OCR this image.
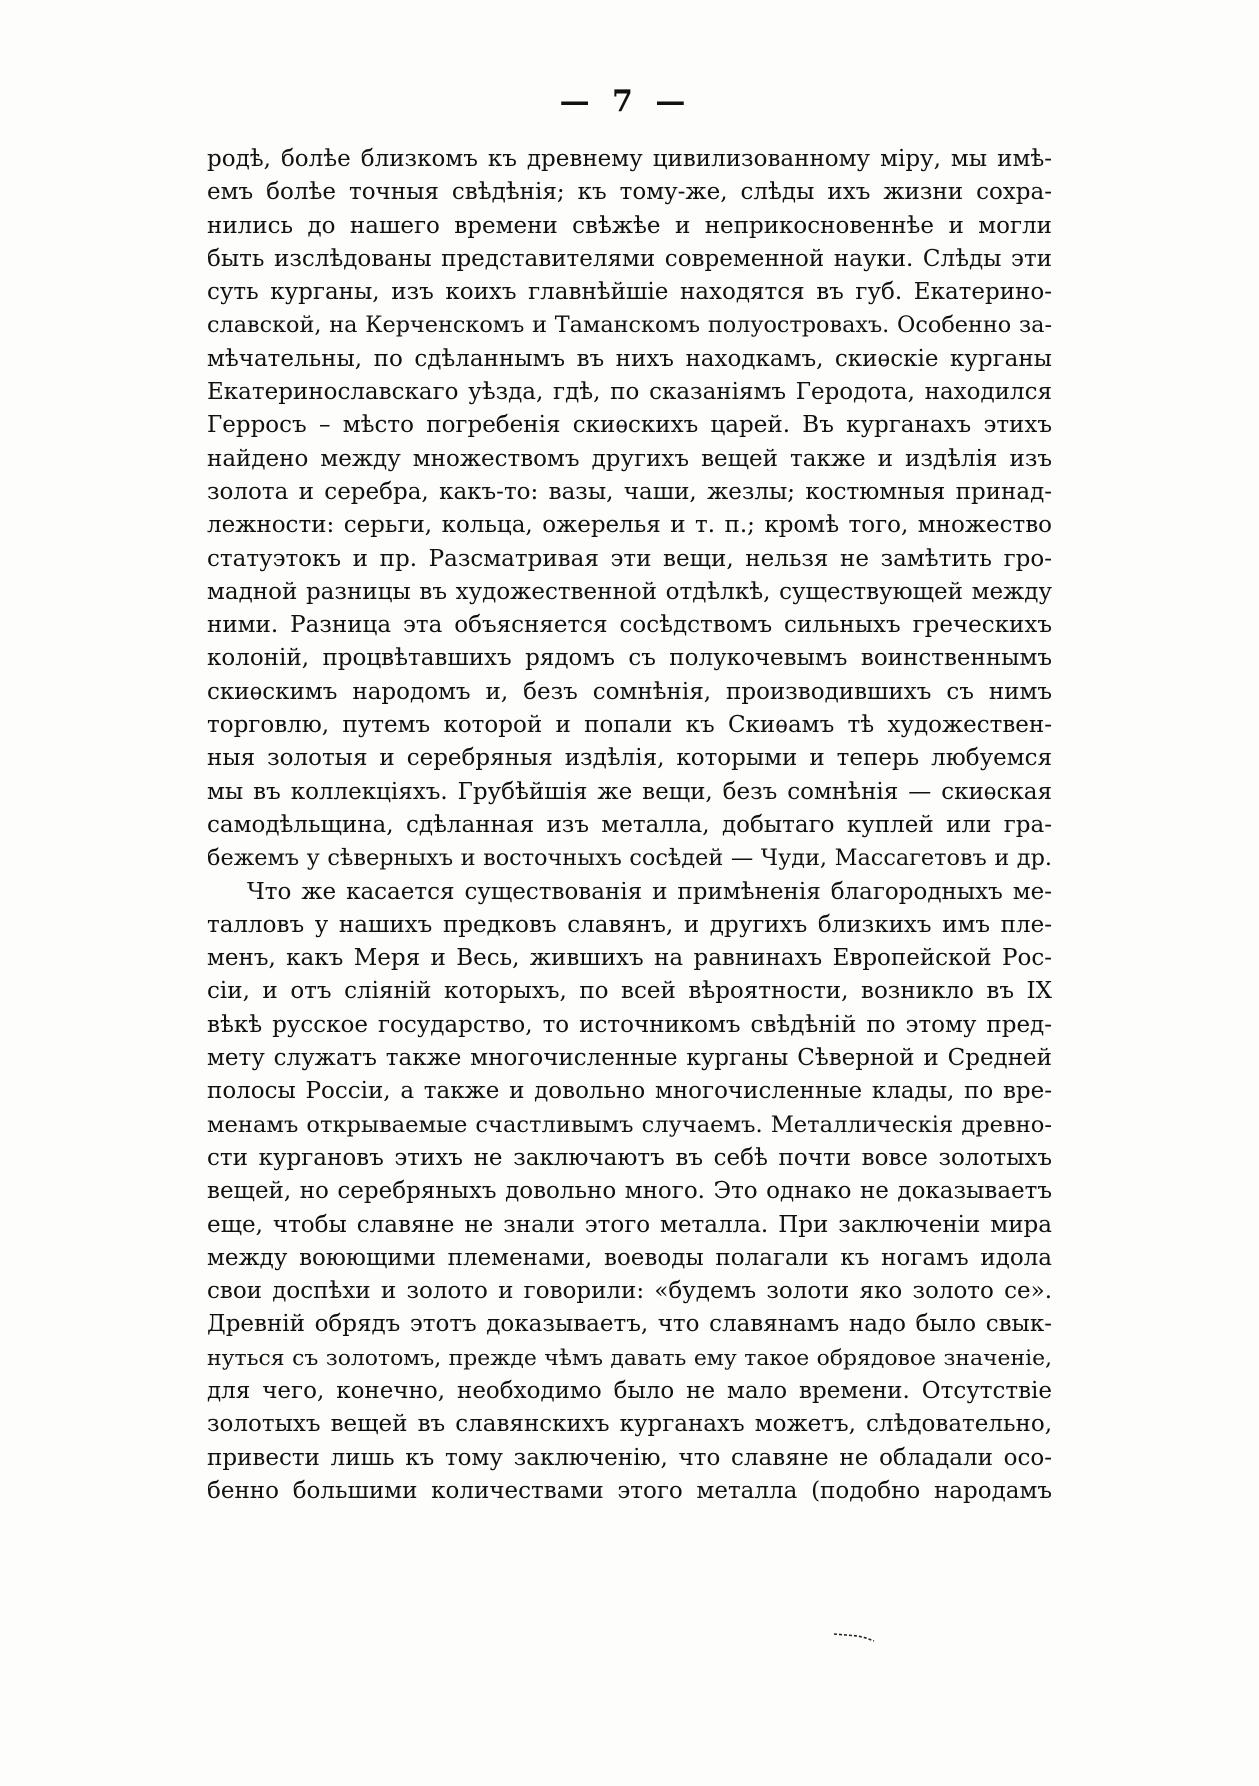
— 7 —
родѣ, болѣе близкомъ къ древнему цивилизованному міру, мы имѣ-
емъ болѣе точныя свѣдѣнія; къ тому-же, слѣды ихъ жизни сохра-
нились до нашего времени свѣжѣе и неприкосновеннѣе и могли
быть изслѣдованы представителями современной науки. Слѣды эти
суть курганы, изъ коихъ главнѣйшіе находятся въ губ. Екатерино-
славской, на Керченскомъ и Таманскомъ полуостровахъ. Особенно за-
мѣчательны, по сдѣланнымъ въ нихъ находкамъ, скиѳскіе курганы
Екатеринославскаго уѣзда, гдѣ, по сказаніямъ Геродота, находился
Герросъ – мѣсто погребенія скиѳскихъ царей. Въ курганахъ этихъ
найдено между множествомъ другихъ вещей также и издѣлія изъ
золота и серебра, какъ-то: вазы, чаши, жезлы; костюмныя принад-
лежности: серьги, кольца, ожерелья и т. п.; кромѣ того, множество
статуэтокъ и пр. Разсматривая эти вещи, нельзя не замѣтить гро-
мадной разницы въ художественной отдѣлкѣ, существующей между
ними. Разница эта объясняется сосѣдствомъ сильныхъ греческихъ
колоній, процвѣтавшихъ рядомъ съ полукочевымъ воинственнымъ
скиѳскимъ народомъ и, безъ сомнѣнія, производившихъ съ нимъ
торговлю, путемъ которой и попали къ Скиѳамъ тѣ художествен-
ныя золотыя и серебряныя издѣлія, которыми и теперь любуемся
мы въ коллекціяхъ. Грубѣйшія же вещи, безъ сомнѣнія — скиѳская
самодѣльщина, сдѣланная изъ металла, добытаго куплей или гра-
бежемъ у сѣверныхъ и восточныхъ сосѣдей — Чуди, Массагетовъ и др.
Что же касается существованія и примѣненія благородныхъ ме-
талловъ у нашихъ предковъ славянъ, и другихъ близкихъ имъ пле-
менъ, какъ Меря и Весь, жившихъ на равнинахъ Европейской Рос-
сіи, и отъ сліяній которыхъ, по всей вѣроятности, возникло въ IX
вѣкѣ русское государство, то источникомъ свѣдѣній по этому пред-
мету служатъ также многочисленные курганы Сѣверной и Средней
полосы Россіи, а также и довольно многочисленные клады, по вре-
менамъ открываемые счастливымъ случаемъ. Металлическія древно-
сти кургановъ этихъ не заключаютъ въ себѣ почти вовсе золотыхъ
вещей, но серебряныхъ довольно много. Это однако не доказываетъ
еще, чтобы славяне не знали этого металла. При заключеніи мира
между воюющими племенами, воеводы полагали къ ногамъ идола
свои доспѣхи и золото и говорили: «будемъ золоти яко золото се».
Древній обрядъ этотъ доказываетъ, что славянамъ надо было свык-
нуться съ золотомъ, прежде чѣмъ давать ему такое обрядовое значеніе,
для чего, конечно, необходимо было не мало времени. Отсутствіе
золотыхъ вещей въ славянскихъ курганахъ можетъ, слѣдовательно,
привести лишь къ тому заключенію, что славяне не обладали осо-
бенно большими количествами этого металла (подобно народамъ
